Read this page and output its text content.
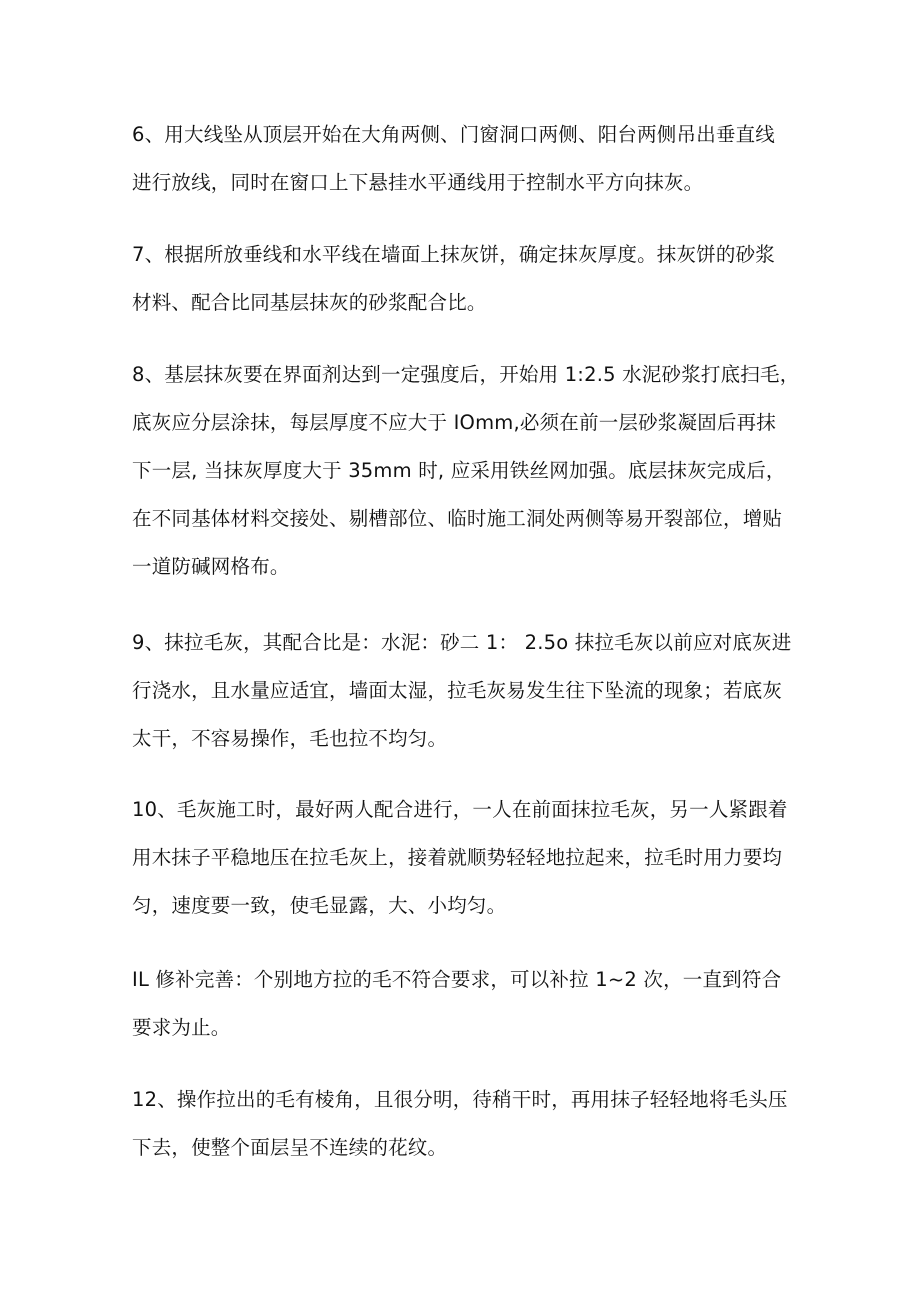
6、用大线坠从顶层开始在大角两侧、门窗洞口两侧、阳台两侧吊出垂直线
进行放线，同时在窗口上下悬挂水平通线用于控制水平方向抹灰。
7、根据所放垂线和水平线在墙面上抹灰饼，确定抹灰厚度。抹灰饼的砂浆
材料、配合比同基层抹灰的砂浆配合比。
8、基层抹灰要在界面剂达到一定强度后，开始用 1:2.5 水泥砂浆打底扫毛，
底灰应分层涂抹，每层厚度不应大于 IOmm,必须在前一层砂浆凝固后再抹
下一层, 当抹灰厚度大于 35mm 时, 应采用铁丝网加强。底层抹灰完成后，
在不同基体材料交接处、剔槽部位、临时施工洞处两侧等易开裂部位，增贴
一道防碱网格布。
9、抹拉毛灰，其配合比是：水泥：砂二 1： 2.5o 抹拉毛灰以前应对底灰进
行浇水，且水量应适宜，墙面太湿，拉毛灰易发生往下坠流的现象；若底灰
太干，不容易操作，毛也拉不均匀。
10、毛灰施工时，最好两人配合进行，一人在前面抹拉毛灰，另一人紧跟着
用木抹子平稳地压在拉毛灰上，接着就顺势轻轻地拉起来，拉毛时用力要均
匀，速度要一致，使毛显露，大、小均匀。
IL 修补完善：个别地方拉的毛不符合要求，可以补拉 1~2 次，一直到符合
要求为止。
12、操作拉出的毛有棱角，且很分明，待稍干时，再用抹子轻轻地将毛头压
下去，使整个面层呈不连续的花纹。
